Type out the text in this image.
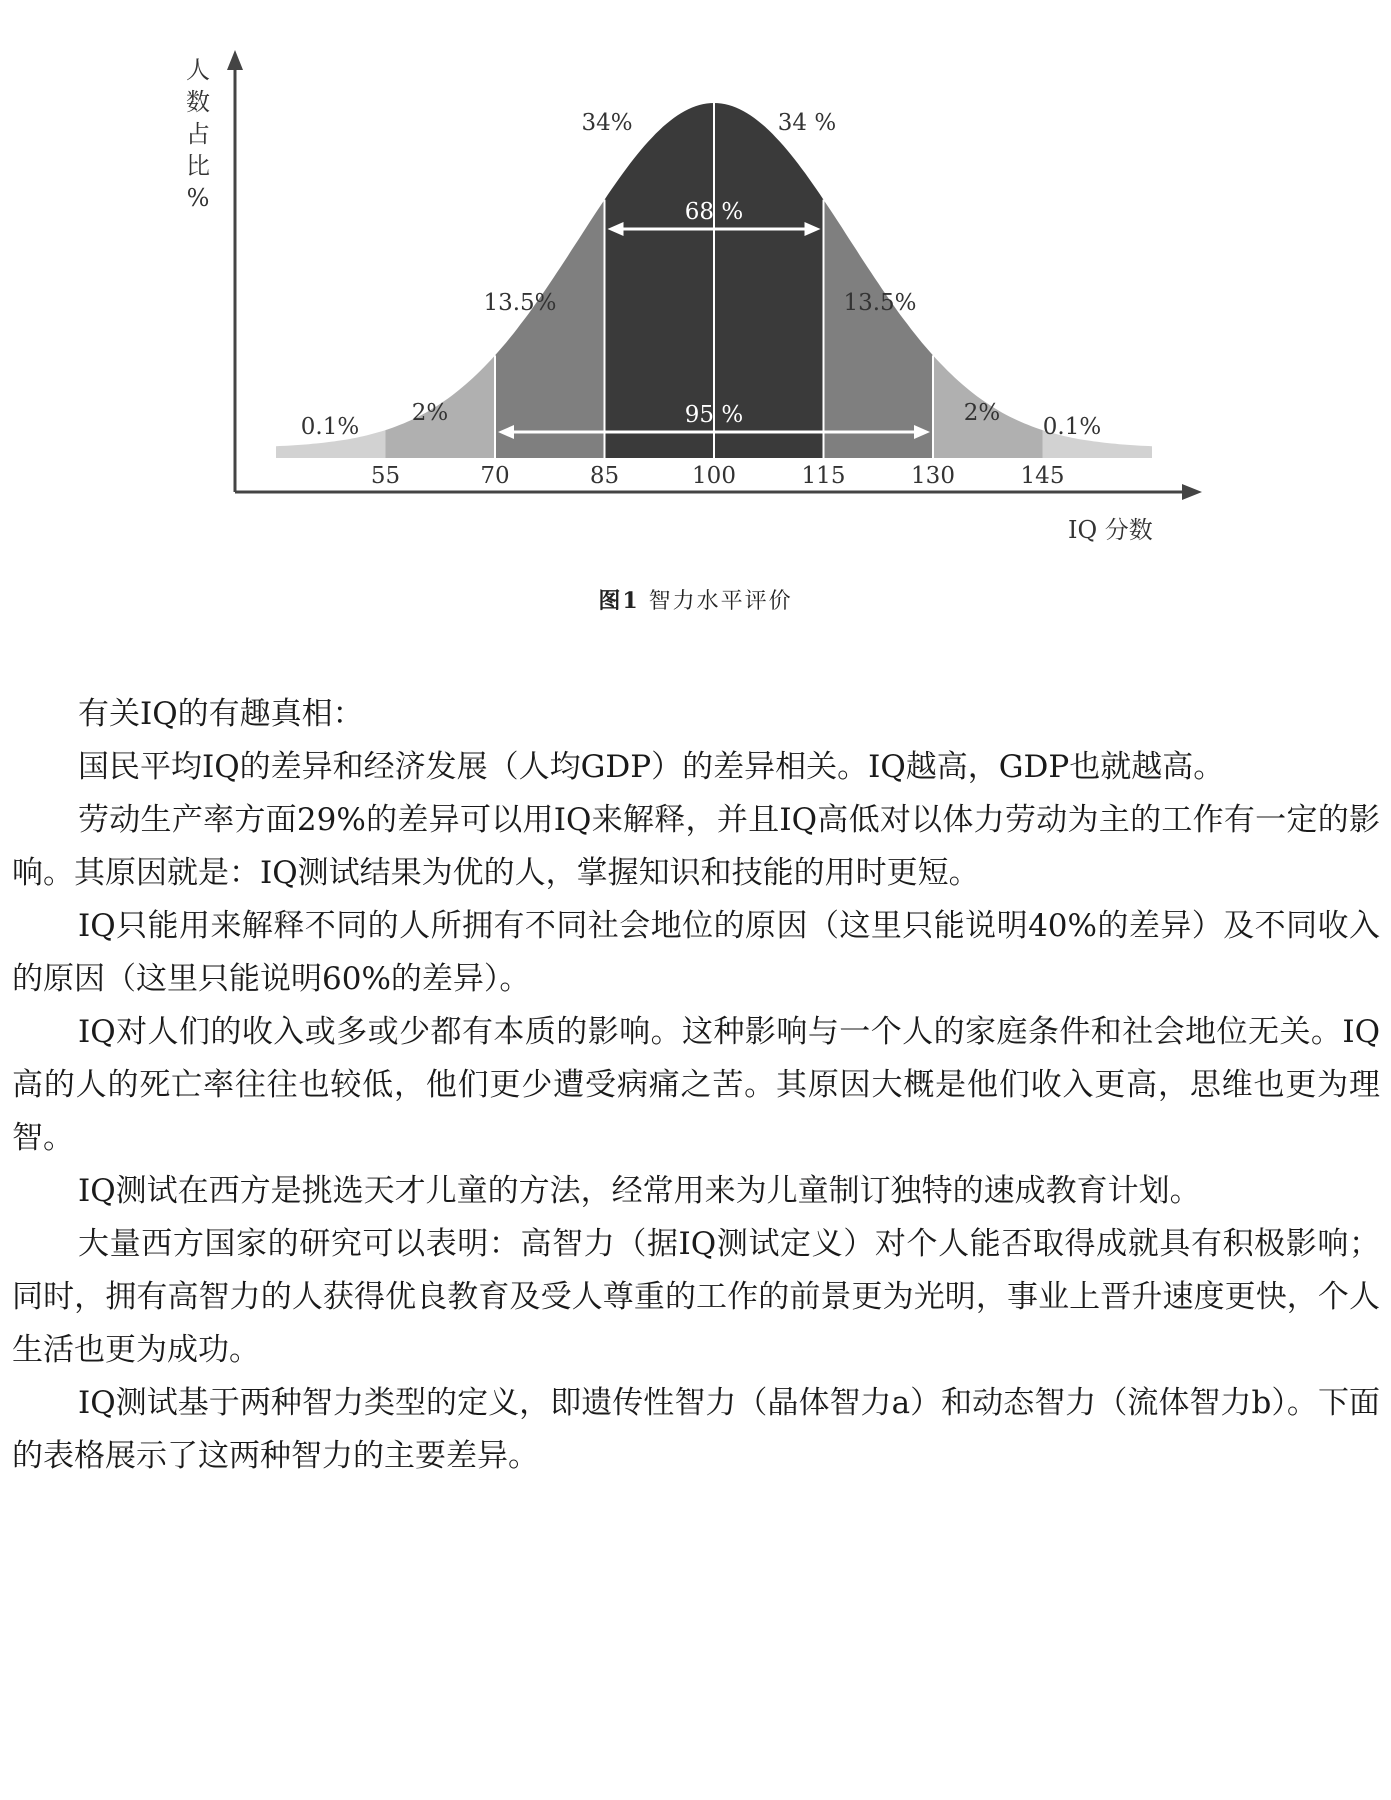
68 %
95 %
0.1%
2%
13.5%
34%	34 %
13.5%
2%
0.1%
55	70	85	100	115	130	145
人
数
占
比
%
IQ 分数
图1 智力水平评价

有关IQ的有趣真相：

国民平均IQ的差异和经济发展（人均GDP）的差异相关。IQ越高，GDP也就越高。

劳动生产率方面29%的差异可以用IQ来解释，并且IQ高低对以体力劳动为主的工作有一定的影响。其原因就是：IQ测试结果为优的人，掌握知识和技能的用时更短。

IQ只能用来解释不同的人所拥有不同社会地位的原因（这里只能说明40%的差异）及不同收入的原因（这里只能说明60%的差异）。

IQ对人们的收入或多或少都有本质的影响。这种影响与一个人的家庭条件和社会地位无关。IQ高的人的死亡率往往也较低，他们更少遭受病痛之苦。其原因大概是他们收入更高，思维也更为理智。

IQ测试在西方是挑选天才儿童的方法，经常用来为儿童制订独特的速成教育计划。

大量西方国家的研究可以表明：高智力（据IQ测试定义）对个人能否取得成就具有积极影响；同时，拥有高智力的人获得优良教育及受人尊重的工作的前景更为光明，事业上晋升速度更快，个人生活也更为成功。

IQ测试基于两种智力类型的定义，即遗传性智力（晶体智力a）和动态智力（流体智力b）。下面的表格展示了这两种智力的主要差异。
